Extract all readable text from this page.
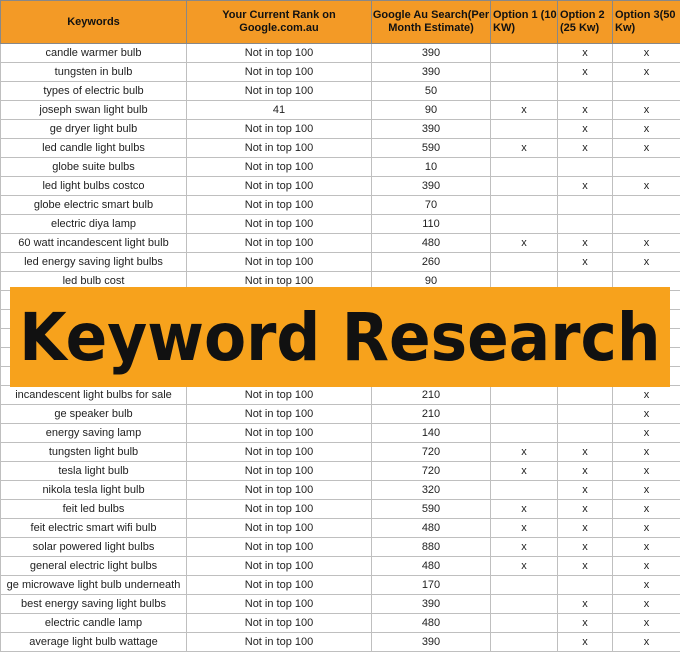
Keywords	Your Current Rank on Google.com.au	Google Au Search(Per Month Estimate)	Option 1 (10 KW)	Option 2 (25 Kw)	Option 3(50 Kw)
candle warmer bulb	Not in top 100	390		x	x
tungsten in bulb	Not in top 100	390		x	x
types of electric bulb	Not in top 100	50			
joseph swan light bulb	41	90	x	x	x
ge dryer light bulb	Not in top 100	390		x	x
led candle light bulbs	Not in top 100	590	x	x	x
globe suite bulbs	Not in top 100	10			
led light bulbs costco	Not in top 100	390		x	x
globe electric smart bulb	Not in top 100	70			
electric diya lamp	Not in top 100	110			
60 watt incandescent light bulb	Not in top 100	480	x	x	x
led energy saving light bulbs	Not in top 100	260		x	x
led bulb cost	Not in top 100	90			

incandescent light bulbs for sale	Not in top 100	210			x
ge speaker bulb	Not in top 100	210			x
energy saving lamp	Not in top 100	140			x
tungsten light bulb	Not in top 100	720	x	x	x
tesla light bulb	Not in top 100	720	x	x	x
nikola tesla light bulb	Not in top 100	320		x	x
feit led bulbs	Not in top 100	590	x	x	x
feit electric smart wifi bulb	Not in top 100	480	x	x	x
solar powered light bulbs	Not in top 100	880	x	x	x
general electric light bulbs	Not in top 100	480	x	x	x
ge microwave light bulb underneath	Not in top 100	170			x
best energy saving light bulbs	Not in top 100	390		x	x
electric candle lamp	Not in top 100	480		x	x
average light bulb wattage	Not in top 100	390		x	x
Keyword Research
